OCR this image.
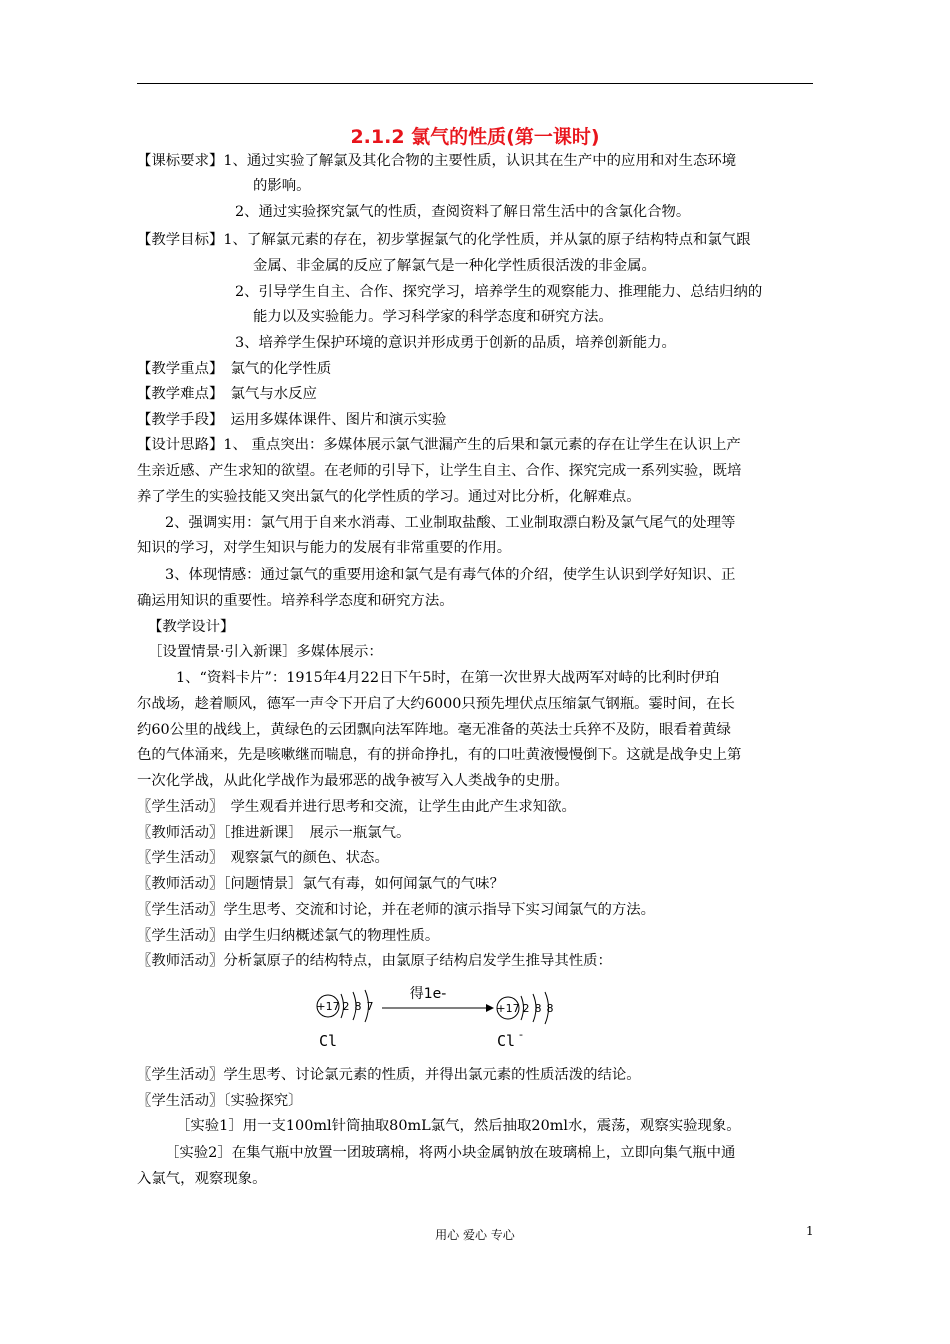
2.1.2 氯气的性质(第一课时)
【课标要求】1、通过实验了解氯及其化合物的主要性质，认识其在生产中的应用和对生态环境
的影响。
2、通过实验探究氯气的性质，查阅资料了解日常生活中的含氯化合物。
【教学目标】1、了解氯元素的存在，初步掌握氯气的化学性质，并从氯的原子结构特点和氯气跟
金属、非金属的反应了解氯气是一种化学性质很活泼的非金属。
2、引导学生自主、合作、探究学习，培养学生的观察能力、推理能力、总结归纳的
能力以及实验能力。学习科学家的科学态度和研究方法。
3、培养学生保护环境的意识并形成勇于创新的品质，培养创新能力。
【教学重点】　氯气的化学性质
【教学难点】　氯气与水反应
【教学手段】　运用多媒体课件、图片和演示实验
【设计思路】1、 重点突出：多媒体展示氯气泄漏产生的后果和氯元素的存在让学生在认识上产
生亲近感、产生求知的欲望。在老师的引导下，让学生自主、合作、探究完成一系列实验，既培
养了学生的实验技能又突出氯气的化学性质的学习。通过对比分析，化解难点。
2、强调实用：氯气用于自来水消毒、工业制取盐酸、工业制取漂白粉及氯气尾气的处理等
知识的学习，对学生知识与能力的发展有非常重要的作用。
3、体现情感：通过氯气的重要用途和氯气是有毒气体的介绍，使学生认识到学好知识、正
确运用知识的重要性。培养科学态度和研究方法。
【教学设计】
［设置情景·引入新课］多媒体展示：
1、“资料卡片”：1915年4月22日下午5时，在第一次世界大战两军对峙的比利时伊珀
尔战场，趁着顺风，德军一声令下开启了大约6000只预先埋伏点压缩氯气钢瓶。霎时间，在长
约60公里的战线上，黄绿色的云团飘向法军阵地。毫无准备的英法士兵猝不及防，眼看着黄绿
色的气体涌来，先是咳嗽继而喘息，有的拼命挣扎，有的口吐黄液慢慢倒下。这就是战争史上第
一次化学战，从此化学战作为最邪恶的战争被写入人类战争的史册。
〖学生活动〗　学生观看并进行思考和交流，让学生由此产生求知欲。
〖教师活动〗［推进新课］　展示一瓶氯气。
〖学生活动〗　观察氯气的颜色、状态。
〖教师活动〗［问题情景］氯气有毒，如何闻氯气的气味？
〖学生活动〗学生思考、交流和讨论，并在老师的演示指导下实习闻氯气的方法。
〖学生活动〗由学生归纳概述氯气的物理性质。
〖教师活动〗分析氯原子的结构特点，由氯原子结构启发学生推导其性质：
+17 2 8 7
Cl
得1e-
+17 2 8 8
Cl -
〖学生活动〗学生思考、讨论氯元素的性质，并得出氯元素的性质活泼的结论。
〖学生活动〗〔实验探究〕
［实验1］用一支100ml针筒抽取80mL氯气，然后抽取20ml水，震荡，观察实验现象。
［实验2］在集气瓶中放置一团玻璃棉，将两小块金属钠放在玻璃棉上，立即向集气瓶中通
入氯气，观察现象。
用心 爱心 专心	1
